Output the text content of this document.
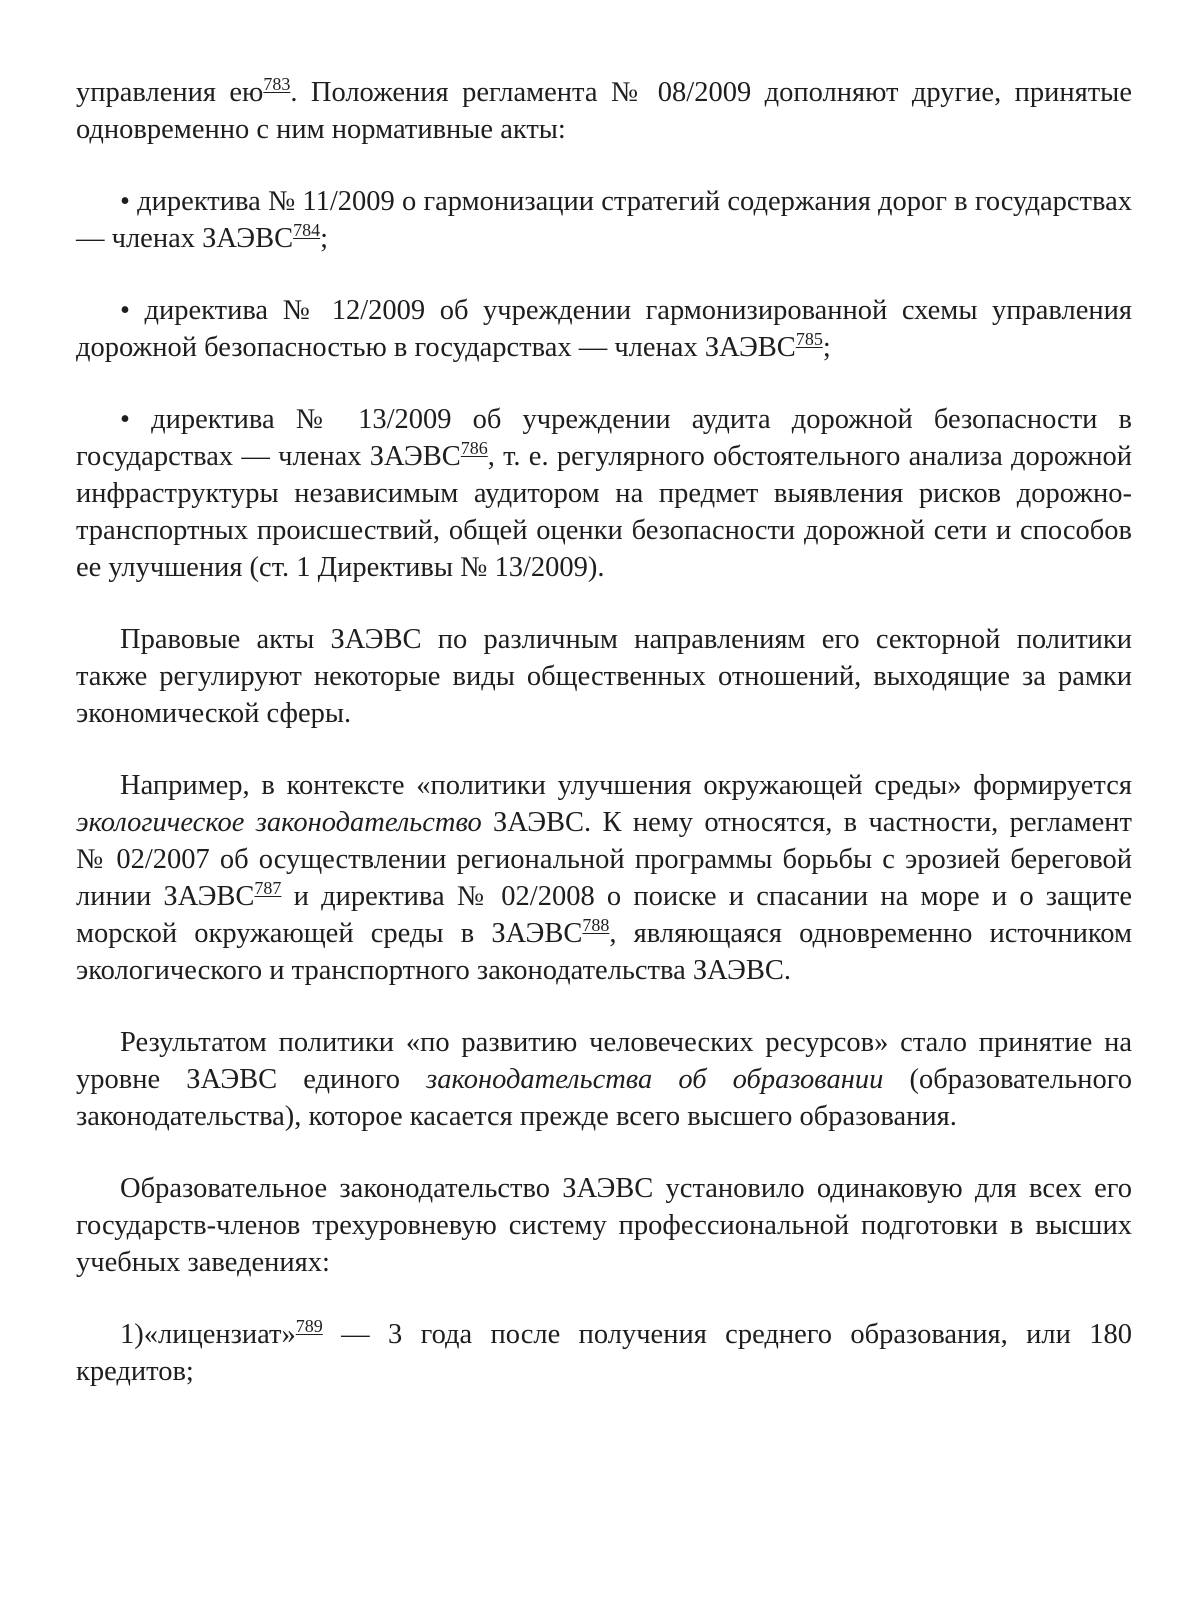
управления ею$^{783}$. Положения регламента № 08/2009 дополняют другие, принятые одновременно с ним нормативные акты:

• директива № 11/2009 о гармонизации стратегий содержания дорог в государствах — членах ЗАЭВС$^{784}$;

• директива № 12/2009 об учреждении гармонизированной схемы управления дорожной безопасностью в государствах — членах ЗАЭВС$^{785}$;

• директива № 13/2009 об учреждении аудита дорожной безопасности в государствах — членах ЗАЭВС$^{786}$, т. е. регулярного обстоятельного анализа дорожной инфраструктуры независимым аудитором на предмет выявления рисков дорожно-транспортных происшествий, общей оценки безопасности дорожной сети и способов ее улучшения (ст. 1 Директивы № 13/2009).

Правовые акты ЗАЭВС по различным направлениям его секторной политики также регулируют некоторые виды общественных отношений, выходящие за рамки экономической сферы.

Например, в контексте «политики улучшения окружающей среды» формируется экологическое законодательство ЗАЭВС. К нему относятся, в частности, регламент № 02/2007 об осуществлении региональной программы борьбы с эрозией береговой линии ЗАЭВС$^{787}$ и директива № 02/2008 о поиске и спасании на море и о защите морской окружающей среды в ЗАЭВС$^{788}$, являющаяся одновременно источником экологического и транспортного законодательства ЗАЭВС.

Результатом политики «по развитию человеческих ресурсов» стало принятие на уровне ЗАЭВС единого законодательства об образовании (образовательного законодательства), которое касается прежде всего высшего образования.

Образовательное законодательство ЗАЭВС установило одинаковую для всех его государств-членов трехуровневую систему профессиональной подготовки в высших учебных заведениях:

1)«лицензиат»$^{789}$ — 3 года после получения среднего образования, или 180 кредитов;
